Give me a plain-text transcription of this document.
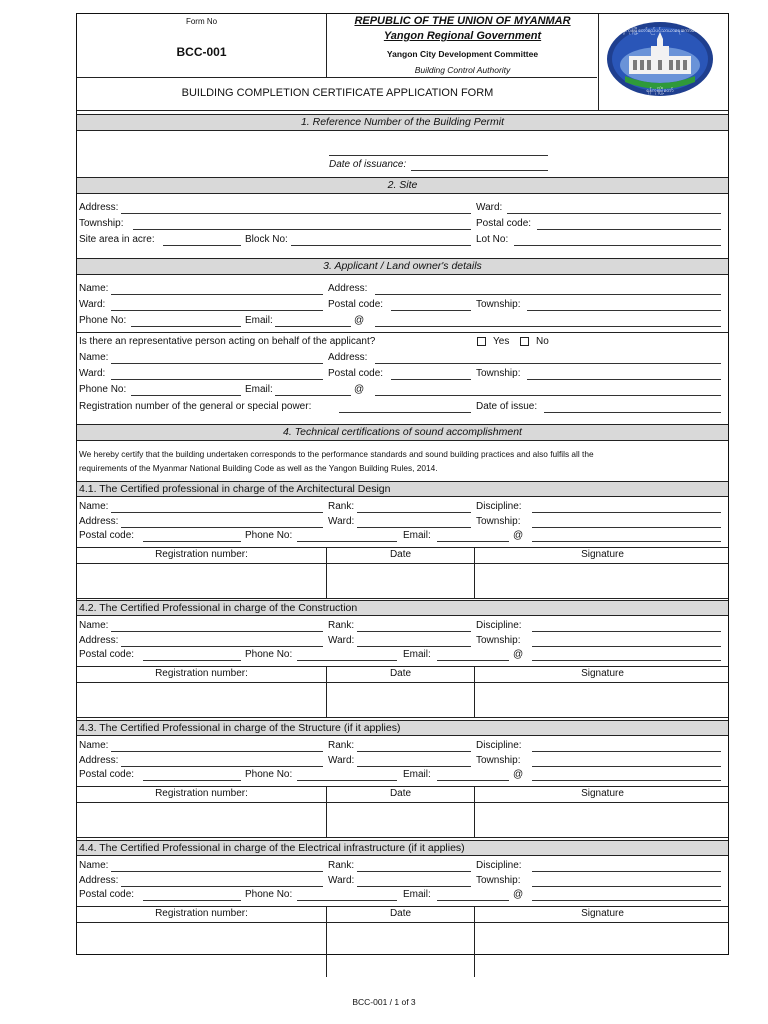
Form No
BCC-001
REPUBLIC OF THE UNION OF MYANMAR
Yangon Regional Government
Yangon City Development Committee
Building Control Authority
BUILDING COMPLETION CERTIFICATE APPLICATION FORM
ရန်ကုန်မြို့တော်စည်ပင်သာယာရေးကော်မတီ
ရန်ကုန်မြို့တော်
1. Reference Number of the Building Permit
Date of issuance:
2. Site
Address:	Ward:
Township:	Postal code:
Site area in acre:	Block No:	Lot No:
3. Applicant / Land owner's details
Name:	Address:
Ward:	Postal code:	Township:
Phone No:	Email:	@
Is there an representative person acting on behalf of the applicant?	Yes	No
Name:	Address:
Ward:	Postal code:	Township:
Phone No:	Email:	@
Registration number of the general or special power:	Date of issue:
4. Technical certifications of sound accomplishment
We hereby certify that the building undertaken corresponds to the performance standards and sound building practices and also fulfils all the
requirements of the Myanmar National Building Code as well as the Yangon Building Rules, 2014.
4.1. The Certified professional in charge of the Architectural Design
Name:	Rank:	Discipline:
Address:	Ward:	Township:
Postal code:	Phone No:	Email:	@
Registration number:	Date	Signature
4.2. The Certified Professional in charge of the Construction
Name:	Rank:	Discipline:
Address:	Ward:	Township:
Postal code:	Phone No:	Email:	@
Registration number:	Date	Signature
4.3. The Certified Professional in charge of the Structure (if it applies)
Name:	Rank:	Discipline:
Address:	Ward:	Township:
Postal code:	Phone No:	Email:	@
Registration number:	Date	Signature
4.4. The Certified Professional in charge of the Electrical infrastructure (if it applies)
Name:	Rank:	Discipline:
Address:	Ward:	Township:
Postal code:	Phone No:	Email:	@
Registration number:	Date	Signature
BCC-001 / 1 of 3
